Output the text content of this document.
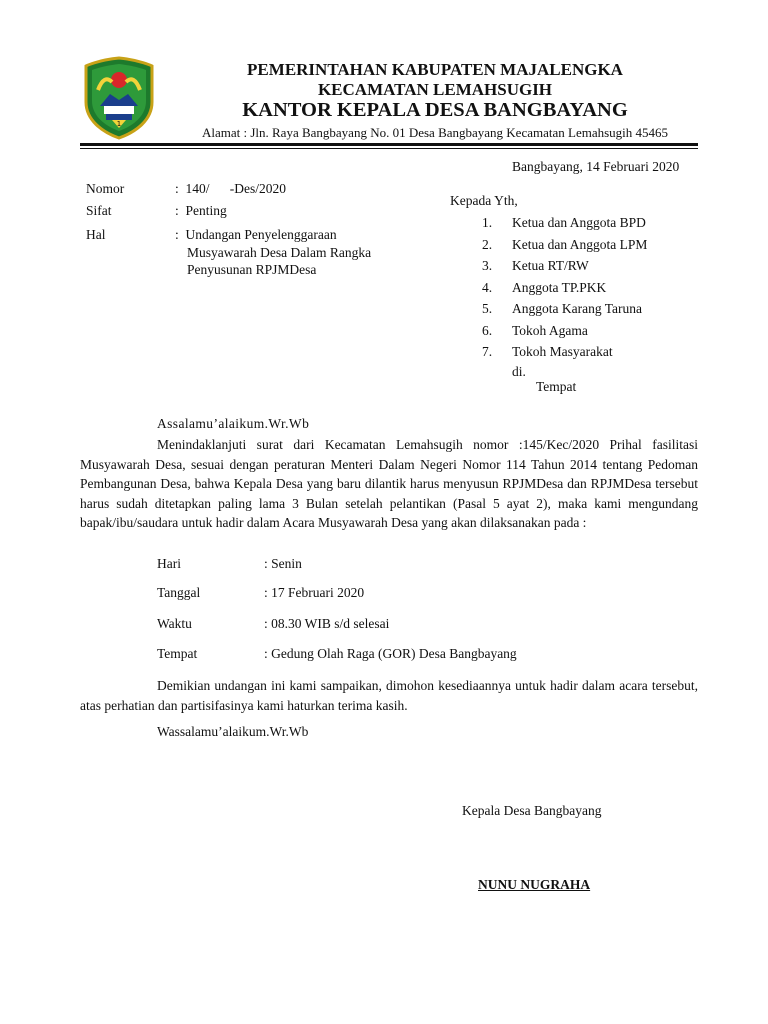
1
PEMERINTAHAN KABUPATEN MAJALENGKA
KECAMATAN LEMAHSUGIH
KANTOR KEPALA DESA BANGBAYANG
Alamat : Jln. Raya Bangbayang No. 01 Desa Bangbayang Kecamatan Lemahsugih 45465
Bangbayang, 14 Februari 2020
Nomor	:  140/      -Des/2020
Sifat	:  Penting
Hal	:  Undangan Penyelenggaraan
Musyawarah Desa Dalam Rangka
Penyusunan RPJMDesa
Kepada Yth,
1. Ketua dan Anggota BPD
2. Ketua dan Anggota LPM
3. Ketua RT/RW
4. Anggota TP.PKK
5. Anggota Karang Taruna
6. Tokoh Agama
7. Tokoh Masyarakat
di.
Tempat
Assalamu’alaikum.Wr.Wb

Menindaklanjuti surat dari Kecamatan Lemahsugih nomor :145/Kec/2020 Prihal fasilitasi Musyawarah Desa, sesuai dengan peraturan Menteri Dalam Negeri Nomor 114 Tahun 2014 tentang Pedoman Pembangunan Desa, bahwa Kepala Desa yang baru dilantik harus menyusun RPJMDesa dan RPJMDesa tersebut harus sudah ditetapkan paling lama 3 Bulan setelah pelantikan (Pasal 5 ayat 2), maka kami mengundang bapak/ibu/saudara untuk hadir dalam Acara Musyawarah Desa yang akan dilaksanakan pada :

Hari	: Senin
Tanggal	: 17 Februari 2020
Waktu	: 08.30 WIB s/d selesai
Tempat	: Gedung Olah Raga (GOR) Desa Bangbayang

Demikian undangan ini kami sampaikan, dimohon kesediaannya untuk hadir dalam acara tersebut, atas perhatian dan partisifasinya kami haturkan terima kasih.

Wassalamu’alaikum.Wr.Wb
Kepala Desa Bangbayang
NUNU NUGRAHA
